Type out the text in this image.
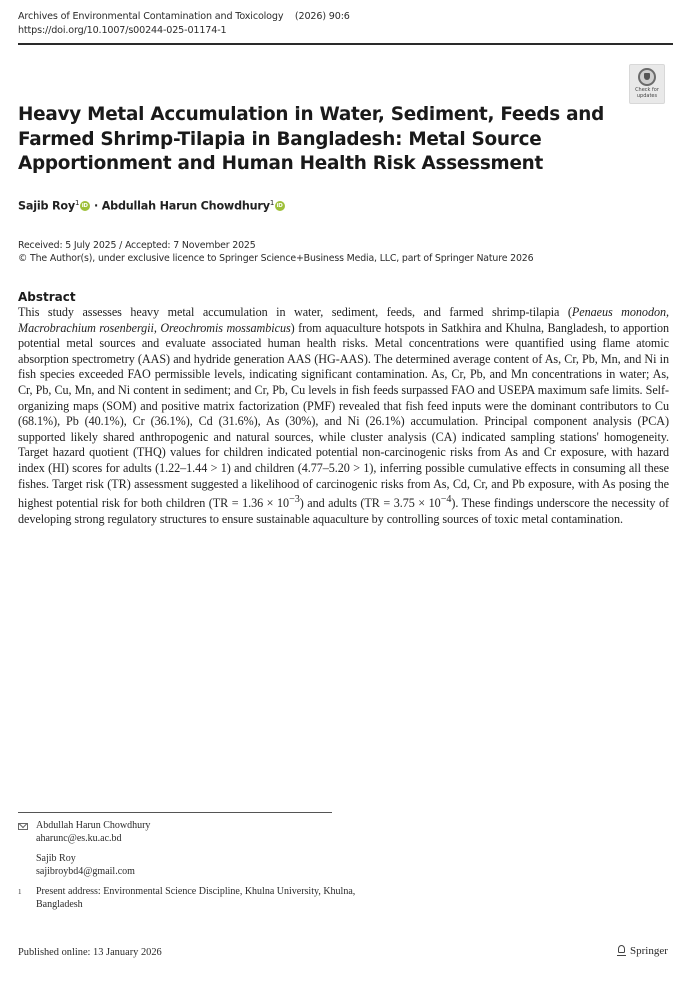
Archives of Environmental Contamination and Toxicology (2026) 90:6
https://doi.org/10.1007/s00244-025-01174-1
Check for
updates
Heavy Metal Accumulation in Water, Sediment, Feeds and Farmed Shrimp-Tilapia in Bangladesh: Metal Source Apportionment and Human Health Risk Assessment
Sajib Roy$^1$iD · Abdullah Harun Chowdhury$^1$iD
Received: 5 July 2025 / Accepted: 7 November 2025
© The Author(s), under exclusive licence to Springer Science+Business Media, LLC, part of Springer Nature 2026
Abstract
This study assesses heavy metal accumulation in water, sediment, feeds, and farmed shrimp-tilapia (Penaeus monodon, Macrobrachium rosenbergii, Oreochromis mossambicus) from aquaculture hotspots in Satkhira and Khulna, Bangladesh, to apportion potential metal sources and evaluate associated human health risks. Metal concentrations were quantified using flame atomic absorption spectrometry (AAS) and hydride generation AAS (HG-AAS). The determined average content of As, Cr, Pb, Mn, and Ni in fish species exceeded FAO permissible levels, indicating significant contamination. As, Cr, Pb, and Mn concentrations in water; As, Cr, Pb, Cu, Mn, and Ni content in sediment; and Cr, Pb, Cu levels in fish feeds surpassed FAO and USEPA maximum safe limits. Self-organizing maps (SOM) and positive matrix factorization (PMF) revealed that fish feed inputs were the dominant contributors to Cu (68.1%), Pb (40.1%), Cr (36.1%), Cd (31.6%), As (30%), and Ni (26.1%) accumulation. Principal component analysis (PCA) supported likely shared anthropogenic and natural sources, while cluster analysis (CA) indicated sampling stations' homogeneity. Target hazard quotient (THQ) values for children indicated potential non-carcinogenic risks from As and Cr exposure, with hazard index (HI) scores for adults (1.22–1.44 > 1) and children (4.77–5.20 > 1), inferring possible cumulative effects in consuming all these fishes. Target risk (TR) assessment suggested a likelihood of carcinogenic risks from As, Cd, Cr, and Pb exposure, with As posing the highest potential risk for both children $(TR = 1.36 \times 10^{-3})$ and adults $(TR = 3.75 \times 10^{-4})$. These findings underscore the necessity of developing strong regulatory structures to ensure sustainable aquaculture by controlling sources of toxic metal contamination.
Abdullah Harun Chowdhury
aharunc@es.ku.ac.bd
Sajib Roy
sajibroybd4@gmail.com
1 Present address: Environmental Science Discipline, Khulna University, Khulna, Bangladesh
Published online: 13 January 2026	Springer
